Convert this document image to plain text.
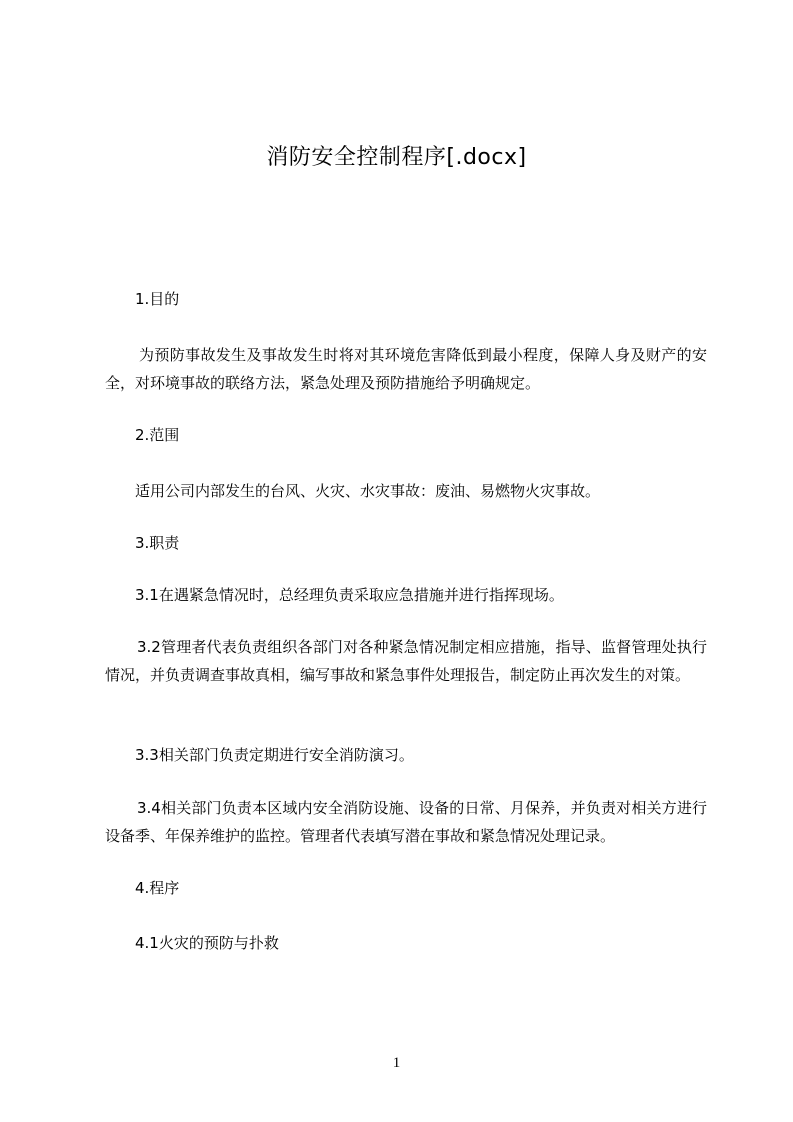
消防安全控制程序[.docx]
1.目的
为预防事故发生及事故发生时将对其环境危害降低到最小程度，保障人身及财产的安全，对环境事故的联络方法，紧急处理及预防措施给予明确规定。
2.范围
适用公司内部发生的台风、火灾、水灾事故：废油、易燃物火灾事故。
3.职责
3.1在遇紧急情况时，总经理负责采取应急措施并进行指挥现场。
3.2管理者代表负责组织各部门对各种紧急情况制定相应措施，指导、监督管理处执行情况，并负责调查事故真相，编写事故和紧急事件处理报告，制定防止再次发生的对策。
3.3相关部门负责定期进行安全消防演习。
3.4相关部门负责本区域内安全消防设施、设备的日常、月保养，并负责对相关方进行设备季、年保养维护的监控。管理者代表填写潜在事故和紧急情况处理记录。
4.程序
4.1火灾的预防与扑救
1
